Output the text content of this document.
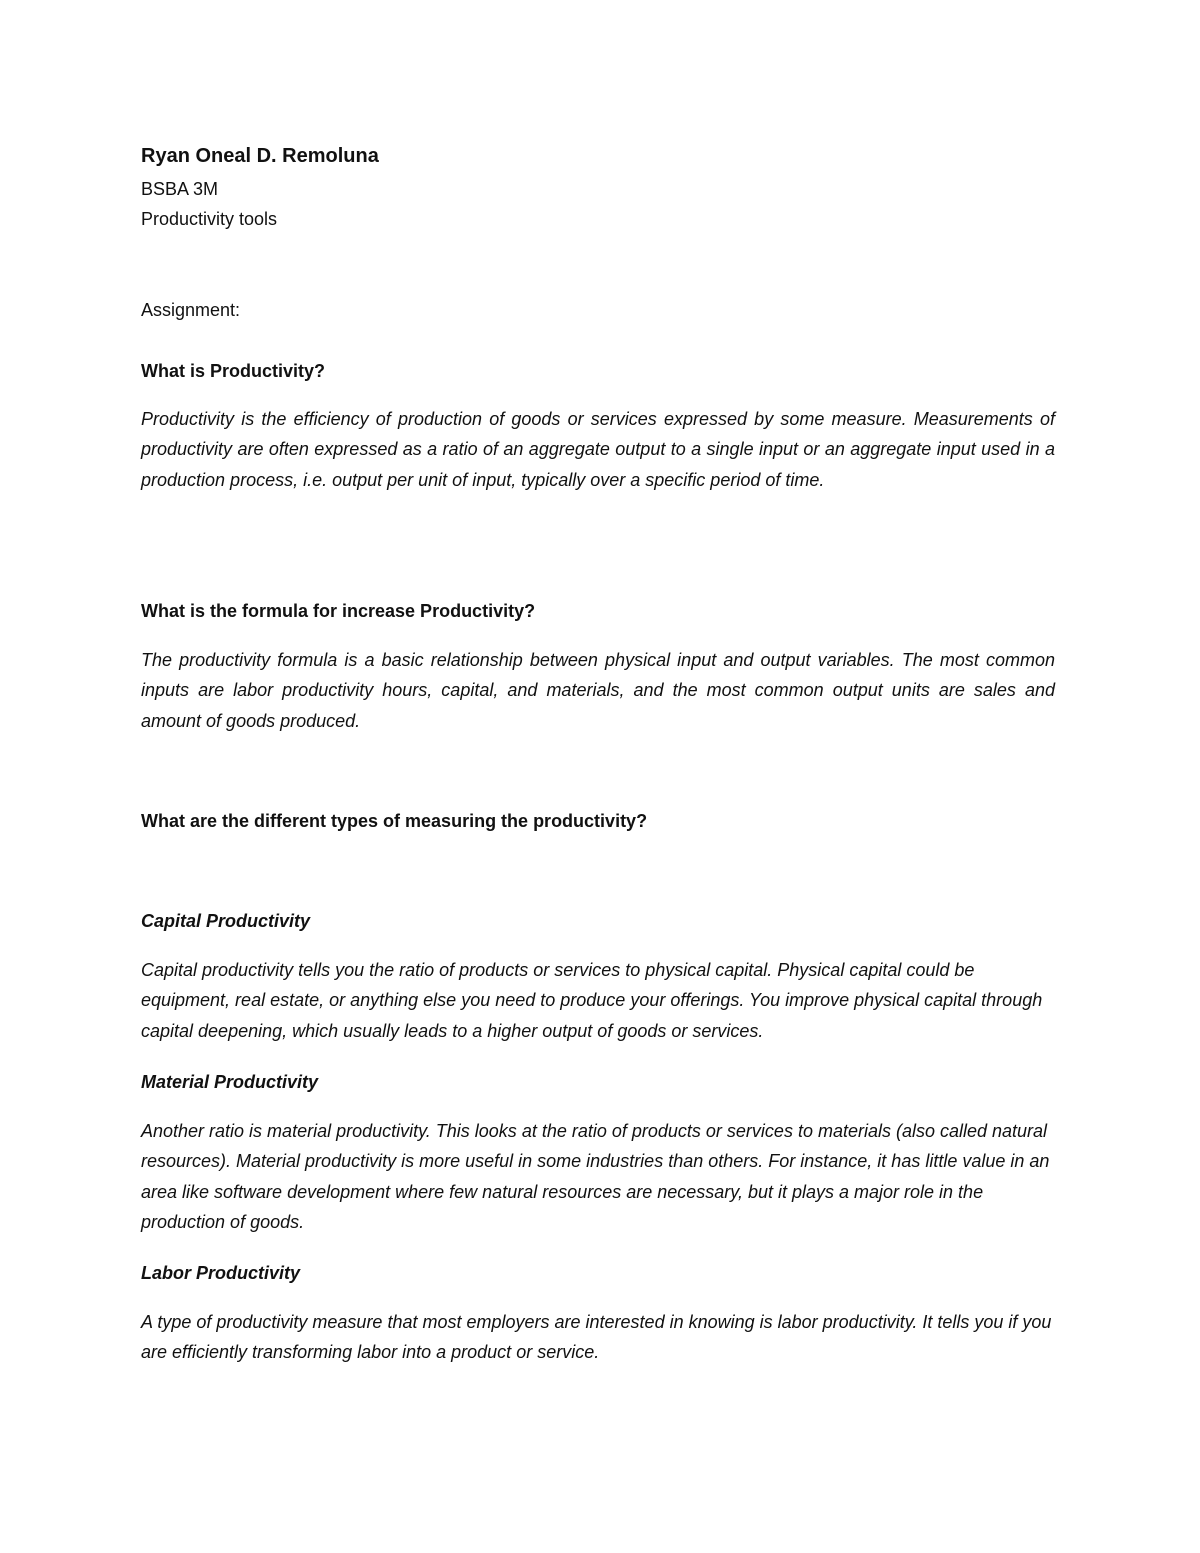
Ryan Oneal D. Remoluna
BSBA 3M
Productivity tools
Assignment:
What is Productivity?
Productivity is the efficiency of production of goods or services expressed by some measure. Measurements of productivity are often expressed as a ratio of an aggregate output to a single input or an aggregate input used in a production process, i.e. output per unit of input, typically over a specific period of time.
What is the formula for increase Productivity?
The productivity formula is a basic relationship between physical input and output variables. The most common inputs are labor productivity hours, capital, and materials, and the most common output units are sales and amount of goods produced.
What are the different types of measuring the productivity?
Capital Productivity
Capital productivity tells you the ratio of products or services to physical capital. Physical capital could be equipment, real estate, or anything else you need to produce your offerings. You improve physical capital through capital deepening, which usually leads to a higher output of goods or services.
Material Productivity
Another ratio is material productivity. This looks at the ratio of products or services to materials (also called natural resources). Material productivity is more useful in some industries than others. For instance, it has little value in an area like software development where few natural resources are necessary, but it plays a major role in the production of goods.
Labor Productivity
A type of productivity measure that most employers are interested in knowing is labor productivity. It tells you if you are efficiently transforming labor into a product or service.
